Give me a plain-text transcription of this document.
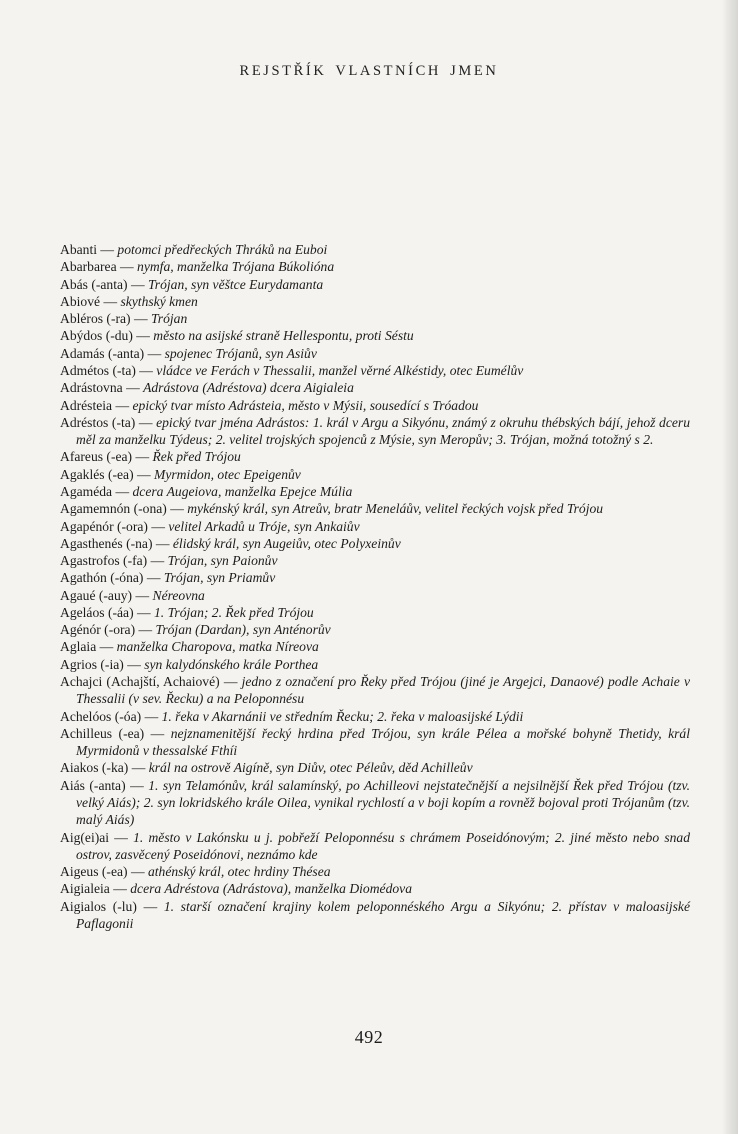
REJSTŘÍK VLASTNÍCH JMEN
Abanti — potomci předřeckých Thráků na Euboi
Abarbarea — nymfa, manželka Trójana Búkolióna
Abás (-anta) — Trójan, syn věštce Eurydamanta
Abiové — skythský kmen
Abléros (-ra) — Trójan
Abýdos (-du) — město na asijské straně Hellespontu, proti Séstu
Adamás (-anta) — spojenec Trójanů, syn Asiův
Admétos (-ta) — vládce ve Ferách v Thessalii, manžel věrné Alkéstidy, otec Eumélův
Adrástovna — Adrástova (Adréstova) dcera Aigialeia
Adrésteia — epický tvar místo Adrásteia, město v Mýsii, sousedící s Tróadou
Adréstos (-ta) — epický tvar jména Adrástos: 1. král v Argu a Sikyónu, známý z okruhu thébských bájí, jehož dceru měl za manželku Týdeus; 2. velitel trojských spojenců z Mýsie, syn Meropův; 3. Trójan, možná totožný s 2.
Afareus (-ea) — Řek před Trójou
Agaklés (-ea) — Myrmidon, otec Epeigenův
Agaméda — dcera Augeiova, manželka Epejce Múlia
Agamemnón (-ona) — mykénský král, syn Atreův, bratr Meneláův, velitel řeckých vojsk před Trójou
Agapénór (-ora) — velitel Arkadů u Tróje, syn Ankaiův
Agasthenés (-na) — élidský král, syn Augeiův, otec Polyxeinův
Agastrofos (-fa) — Trójan, syn Paionův
Agathón (-óna) — Trójan, syn Priamův
Agaué (-auy) — Néreovna
Ageláos (-áa) — 1. Trójan; 2. Řek před Trójou
Agénór (-ora) — Trójan (Dardan), syn Anténorův
Aglaia — manželka Charopova, matka Níreova
Agrios (-ia) — syn kalydónského krále Porthea
Achajci (Achajští, Achaiové) — jedno z označení pro Řeky před Trójou (jiné je Argejci, Danaové) podle Achaie v Thessalii (v sev. Řecku) a na Peloponnésu
Achelóos (-óa) — 1. řeka v Akarnánii ve středním Řecku; 2. řeka v maloasijské Lýdii
Achilleus (-ea) — nejznamenitější řecký hrdina před Trójou, syn krále Pélea a mořské bohyně Thetidy, král Myrmidonů v thessalské Fthíi
Aiakos (-ka) — král na ostrově Aigíně, syn Diův, otec Péleův, děd Achilleův
Aiás (-anta) — 1. syn Telamónův, král salamínský, po Achilleovi nejstatečnější a nejsilnější Řek před Trójou (tzv. velký Aiás); 2. syn lokridského krále Oilea, vynikal rychlostí a v boji kopím a rovněž bojoval proti Trójanům (tzv. malý Aiás)
Aig(ei)ai — 1. město v Lakónsku u j. pobřeží Peloponnésu s chrámem Poseidónovým; 2. jiné město nebo snad ostrov, zasvěcený Poseidónovi, neznámo kde
Aigeus (-ea) — athénský král, otec hrdiny Thésea
Aigialeia — dcera Adréstova (Adrástova), manželka Diomédova
Aigialos (-lu) — 1. starší označení krajiny kolem peloponnéského Argu a Sikyónu; 2. přístav v maloasijské Paflagonii
492
